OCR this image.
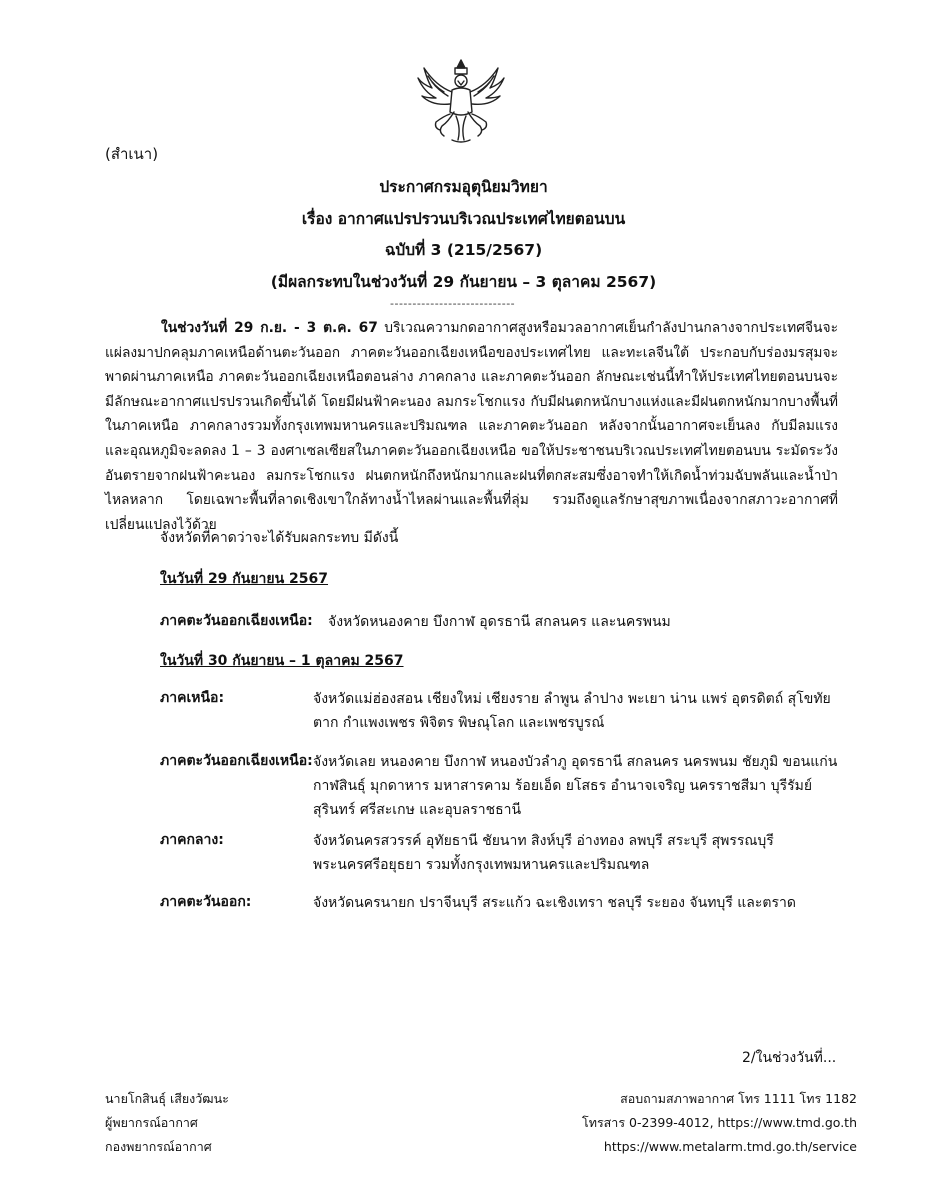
(สำเนา)
ประกาศกรมอุตุนิยมวิทยา
เรื่อง อากาศแปรปรวนบริเวณประเทศไทยตอนบน
ฉบับที่ 3 (215/2567)
(มีผลกระทบในช่วงวันที่ 29 กันยายน – 3 ตุลาคม 2567)
----------------------------
ในช่วงวันที่ 29 ก.ย. - 3 ต.ค. 67 บริเวณความกดอากาศสูงหรือมวลอากาศเย็นกำลังปานกลางจากประเทศจีนจะแผ่ลงมาปกคลุมภาคเหนือด้านตะวันออก ภาคตะวันออกเฉียงเหนือของประเทศไทย และทะเลจีนใต้ ประกอบกับร่องมรสุมจะพาดผ่านภาคเหนือ ภาคตะวันออกเฉียงเหนือตอนล่าง ภาคกลาง และภาคตะวันออก ลักษณะเช่นนี้ทำให้ประเทศไทยตอนบนจะมีลักษณะอากาศแปรปรวนเกิดขึ้นได้ โดยมีฝนฟ้าคะนอง ลมกระโชกแรง กับมีฝนตกหนักบางแห่งและมีฝนตกหนักมากบางพื้นที่ในภาคเหนือ ภาคกลางรวมทั้งกรุงเทพมหานครและปริมณฑล และภาคตะวันออก หลังจากนั้นอากาศจะเย็นลง กับมีลมแรง และอุณหภูมิจะลดลง 1 – 3 องศาเซลเซียสในภาคตะวันออกเฉียงเหนือ ขอให้ประชาชนบริเวณประเทศไทยตอนบน ระมัดระวังอันตรายจากฝนฟ้าคะนอง ลมกระโชกแรง ฝนตกหนักถึงหนักมากและฝนที่ตกสะสมซึ่งอาจทำให้เกิดน้ำท่วมฉับพลันและน้ำป่าไหลหลาก โดยเฉพาะพื้นที่ลาดเชิงเขาใกล้ทางน้ำไหลผ่านและพื้นที่ลุ่ม รวมถึงดูแลรักษาสุขภาพเนื่องจากสภาวะอากาศที่เปลี่ยนแปลงไว้ด้วย
จังหวัดที่คาดว่าจะได้รับผลกระทบ มีดังนี้
ในวันที่ 29 กันยายน 2567
ภาคตะวันออกเฉียงเหนือ: จังหวัดหนองคาย บึงกาฬ อุดรธานี สกลนคร และนครพนม
ในวันที่ 30 กันยายน – 1 ตุลาคม 2567
ภาคเหนือ:	จังหวัดแม่ฮ่องสอน เชียงใหม่ เชียงราย ลำพูน ลำปาง พะเยา น่าน แพร่ อุตรดิตถ์ สุโขทัย ตาก กำแพงเพชร พิจิตร พิษณุโลก และเพชรบูรณ์
ภาคตะวันออกเฉียงเหนือ: จังหวัดเลย หนองคาย บึงกาฬ หนองบัวลำภู อุดรธานี สกลนคร นครพนม ชัยภูมิ ขอนแก่น กาฬสินธุ์ มุกดาหาร มหาสารคาม ร้อยเอ็ด ยโสธร อำนาจเจริญ นครราชสีมา บุรีรัมย์ สุรินทร์ ศรีสะเกษ และอุบลราชธานี
ภาคกลาง:	จังหวัดนครสวรรค์ อุทัยธานี ชัยนาท สิงห์บุรี อ่างทอง ลพบุรี สระบุรี สุพรรณบุรี พระนครศรีอยุธยา รวมทั้งกรุงเทพมหานครและปริมณฑล
ภาคตะวันออก:	จังหวัดนครนายก ปราจีนบุรี สระแก้ว ฉะเชิงเทรา ชลบุรี ระยอง จันทบุรี และตราด
2/ในช่วงวันที่...
นายโกสินธุ์ เสียงวัฒนะ
ผู้พยากรณ์อากาศ
กองพยากรณ์อากาศ
สอบถามสภาพอากาศ โทร 1111 โทร 1182
โทรสาร 0-2399-4012, https://www.tmd.go.th
https://www.metalarm.tmd.go.th/service
